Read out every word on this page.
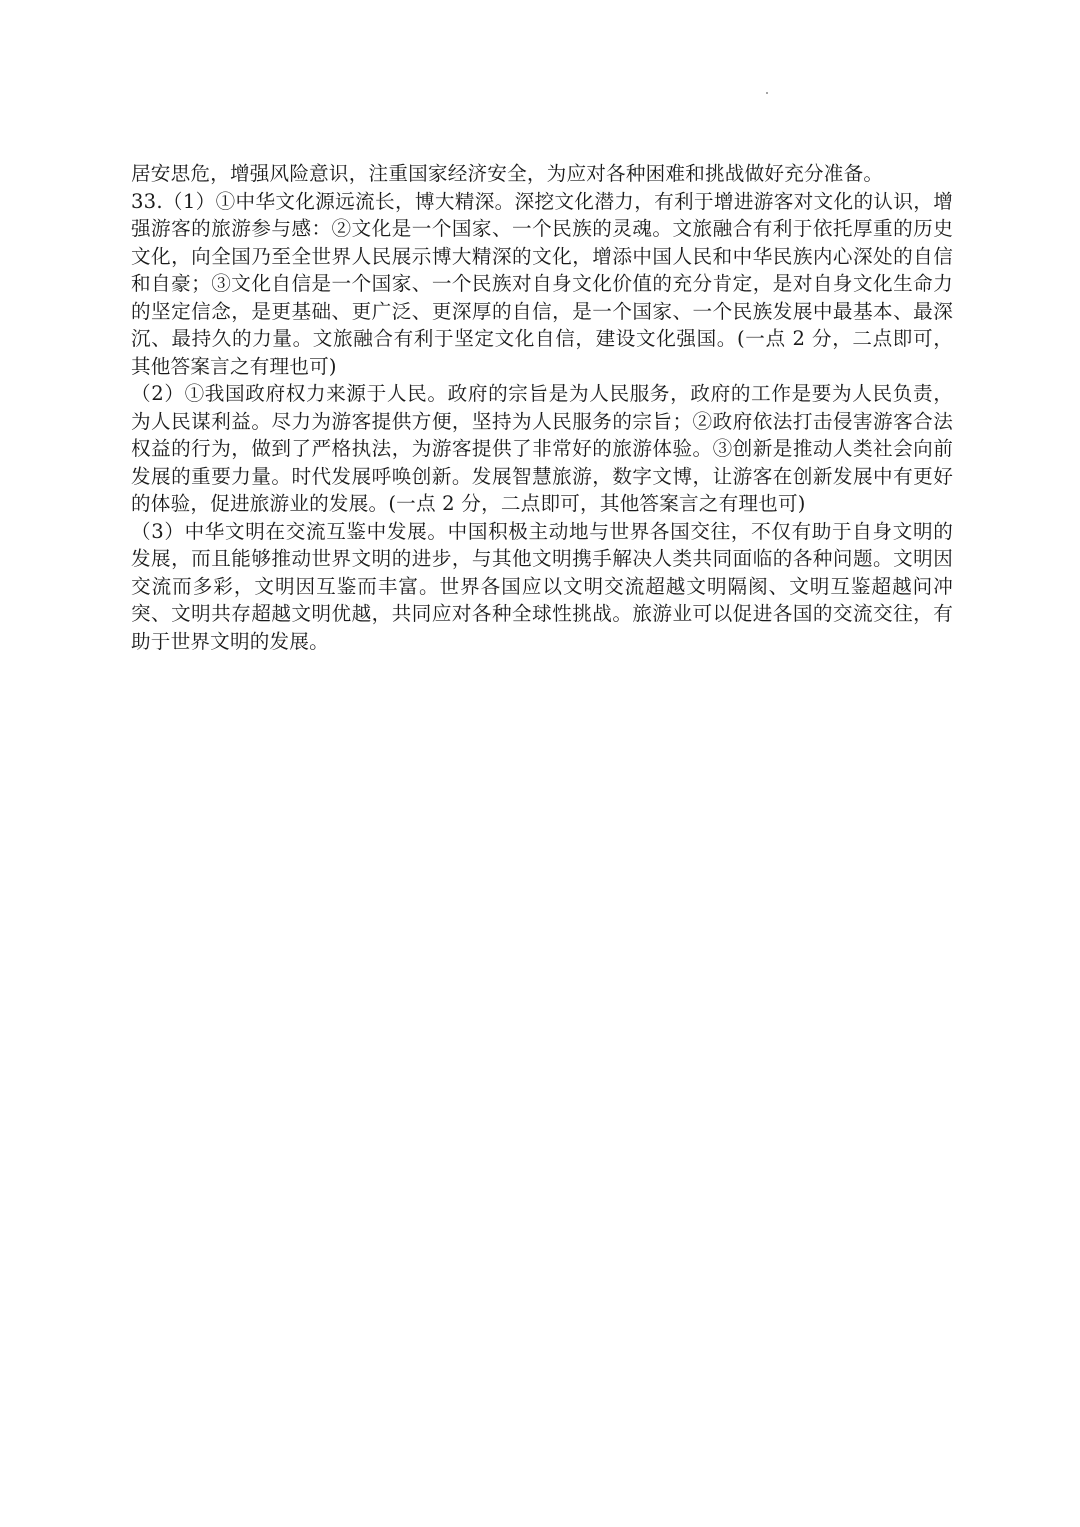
居安思危，增强风险意识，注重国家经济安全，为应对各种困难和挑战做好充分准备。

33.（1）①中华文化源远流长，博大精深。深挖文化潜力，有利于增进游客对文化的认识，增强游客的旅游参与感：②文化是一个国家、一个民族的灵魂。文旅融合有利于依托厚重的历史文化，向全国乃至全世界人民展示博大精深的文化，增添中国人民和中华民族内心深处的自信和自豪；③文化自信是一个国家、一个民族对自身文化价值的充分肯定，是对自身文化生命力的坚定信念，是更基础、更广泛、更深厚的自信，是一个国家、一个民族发展中最基本、最深沉、最持久的力量。文旅融合有利于坚定文化自信，建设文化强国。(一点 2 分，二点即可，其他答案言之有理也可)

（2）①我国政府权力来源于人民。政府的宗旨是为人民服务，政府的工作是要为人民负责，为人民谋利益。尽力为游客提供方便，坚持为人民服务的宗旨；②政府依法打击侵害游客合法权益的行为，做到了严格执法，为游客提供了非常好的旅游体验。③创新是推动人类社会向前发展的重要力量。时代发展呼唤创新。发展智慧旅游，数字文博，让游客在创新发展中有更好的体验，促进旅游业的发展。(一点 2 分，二点即可，其他答案言之有理也可)

（3）中华文明在交流互鉴中发展。中国积极主动地与世界各国交往，不仅有助于自身文明的发展，而且能够推动世界文明的进步，与其他文明携手解决人类共同面临的各种问题。文明因交流而多彩，文明因互鉴而丰富。世界各国应以文明交流超越文明隔阂、文明互鉴超越问冲突、文明共存超越文明优越，共同应对各种全球性挑战。旅游业可以促进各国的交流交往，有助于世界文明的发展。
